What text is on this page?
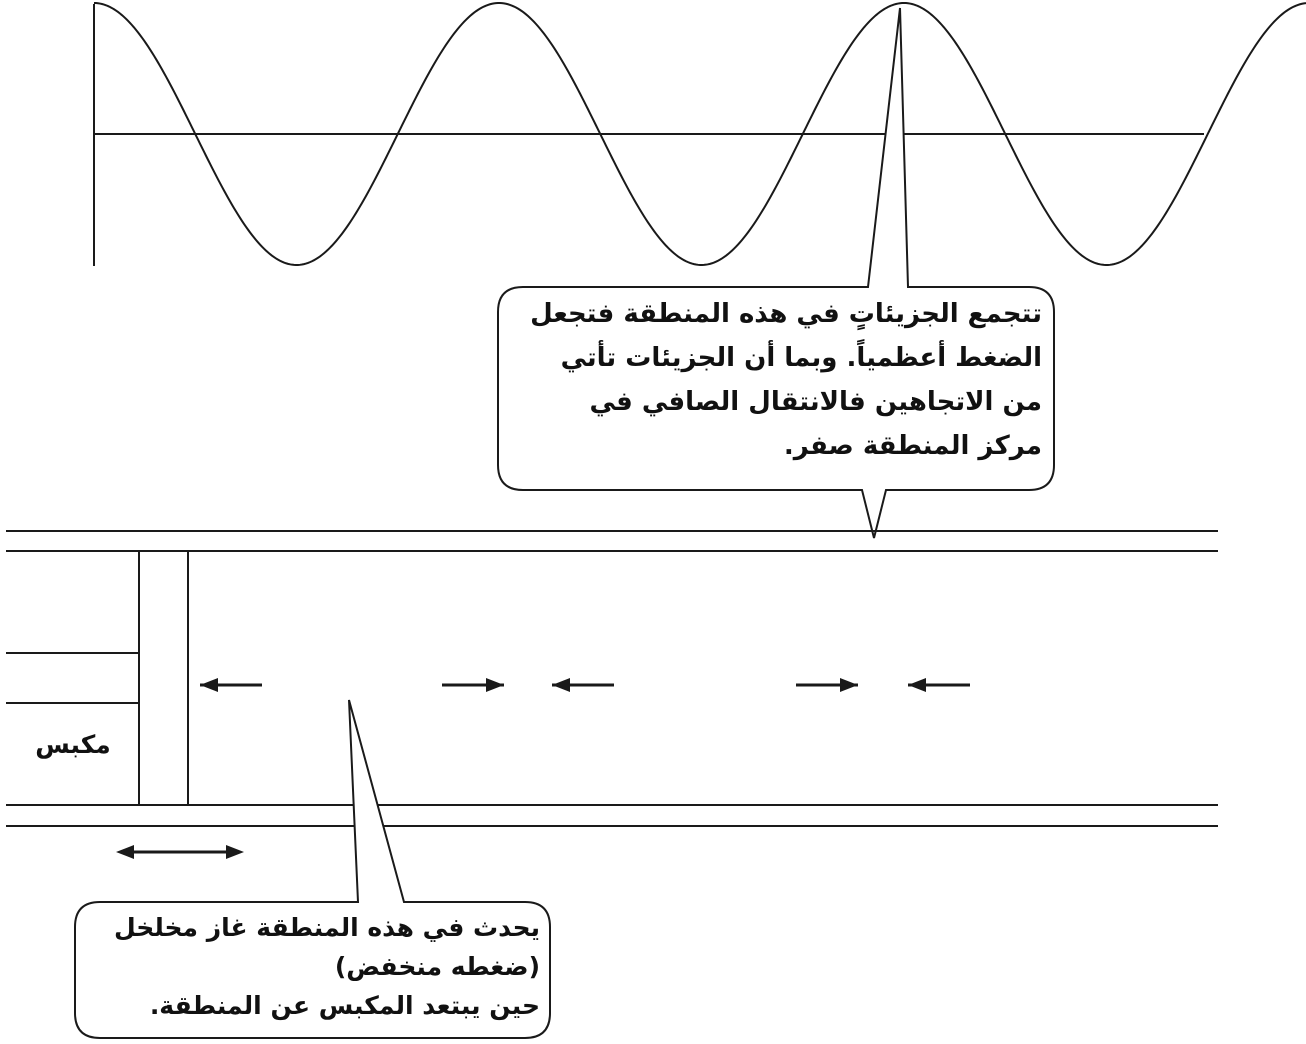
تتجمع الجزيئاتٍ في هذه المنطقة فتجعل
الضغط أعظمياً. وبما أن الجزيئات تأتي
من الاتجاهين فالانتقال الصافي في
مركز المنطقة صفر.
يحدث في هذه المنطقة غاز مخلخل
(ضغطه منخفض)
حين يبتعد المكبس عن المنطقة.
مكبس
